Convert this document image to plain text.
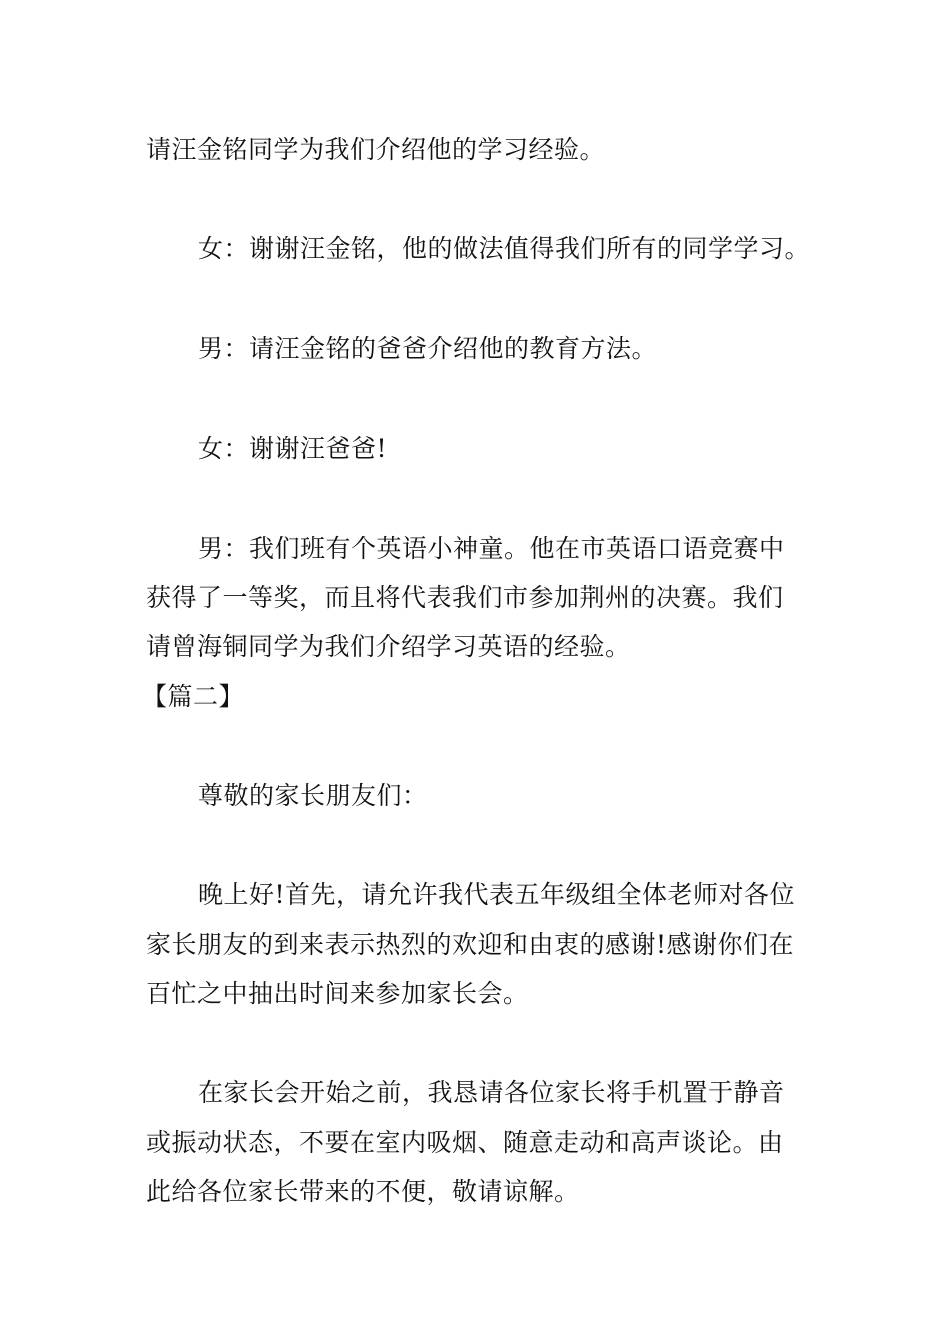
请汪金铭同学为我们介绍他的学习经验。
女：谢谢汪金铭，他的做法值得我们所有的同学学习。
男：请汪金铭的爸爸介绍他的教育方法。
女：谢谢汪爸爸!
男：我们班有个英语小神童。他在市英语口语竞赛中
获得了一等奖，而且将代表我们市参加荆州的决赛。我们
请曾海铜同学为我们介绍学习英语的经验。
【篇二】
尊敬的家长朋友们：
晚上好!首先，请允许我代表五年级组全体老师对各位
家长朋友的到来表示热烈的欢迎和由衷的感谢!感谢你们在
百忙之中抽出时间来参加家长会。
在家长会开始之前，我恳请各位家长将手机置于静音
或振动状态，不要在室内吸烟、随意走动和高声谈论。由
此给各位家长带来的不便，敬请谅解。
